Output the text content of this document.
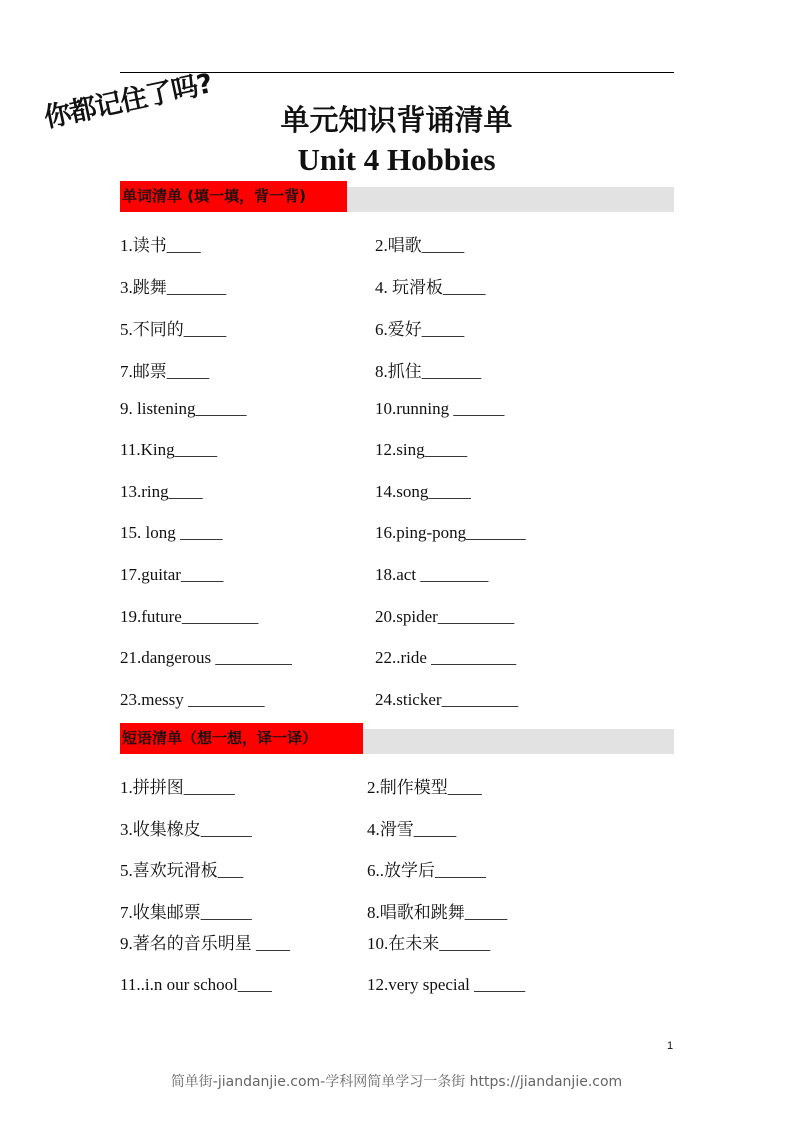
你都记住了吗?	单元知识背诵清单
Unit 4 Hobbies
单词清单 (填一填，背一背)
1.读书____	2.唱歌_____
3.跳舞_______	4. 玩滑板_____
5.不同的_____	6.爱好_____
7.邮票_____	8.抓住_______
9. listening______	10.running ______
11.King_____	12.sing_____
13.ring____	14.song_____
15. long _____	16.ping-pong_______
17.guitar_____	18.act ________
19.future_________	20.spider_________
21.dangerous _________	22..ride __________
23.messy _________	24.sticker_________
短语清单（想一想，译一译）
1.拼拼图______	2.制作模型____
3.收集橡皮______	4.滑雪_____
5.喜欢玩滑板___	6..放学后______
7.收集邮票______	8.唱歌和跳舞_____
9.著名的音乐明星 ____	10.在未来______
11..i.n our school____	12.very special ______
1
简单街-jiandanjie.com-学科网简单学习一条街 https://jiandanjie.com
